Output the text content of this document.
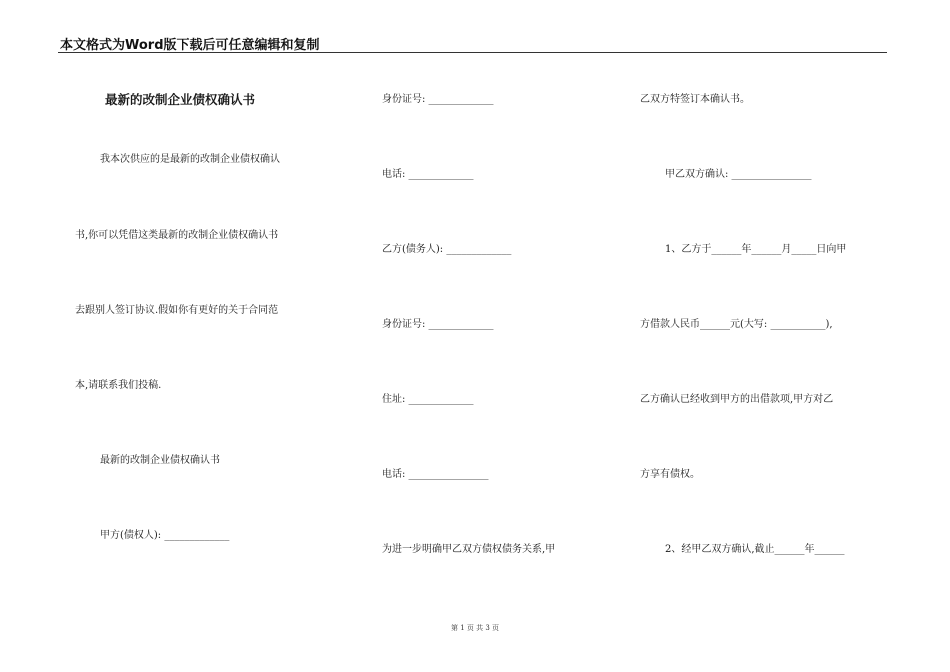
本文格式为Word版下载后可任意编辑和复制
最新的改制企业债权确认书
我本次供应的是最新的改制企业债权确认
书,你可以凭借这类最新的改制企业债权确认书
去跟别人签订协议.假如你有更好的关于合同范
本,请联系我们投稿.
最新的改制企业债权确认书
甲方(债权人): _____________
身份证号: _____________
电话: _____________
乙方(债务人): _____________
身份证号: _____________
住址: _____________
电话: ________________
为进一步明确甲乙双方债权债务关系,甲
乙双方特签订本确认书。
甲乙双方确认: ________________
1、乙方于______年______月_____日向甲
方借款人民币______元(大写: ___________),
乙方确认已经收到甲方的出借款项,甲方对乙
方享有债权。
2、经甲乙双方确认,截止______年______
第 1 页 共 3 页
